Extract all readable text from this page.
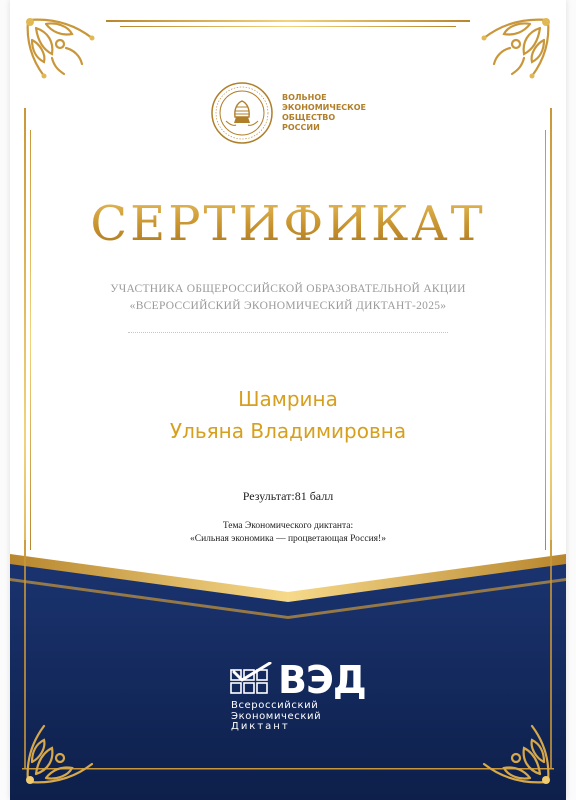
ВОЛЬНОЕ
ЭКОНОМИЧЕСКОЕ
ОБЩЕСТВО
РОССИИ
СЕРТИФИКАТ
УЧАСТНИКА ОБЩЕРОССИЙСКОЙ ОБРАЗОВАТЕЛЬНОЙ АКЦИИ
«ВСЕРОССИЙСКИЙ ЭКОНОМИЧЕСКИЙ ДИКТАНТ-2025»
Шамрина
Ульяна Владимировна
Результат:81 балл
Тема Экономического диктанта:
«Сильная экономика — процветающая Россия!»
ВЭД
Всероссийский
Экономический
Диктант
